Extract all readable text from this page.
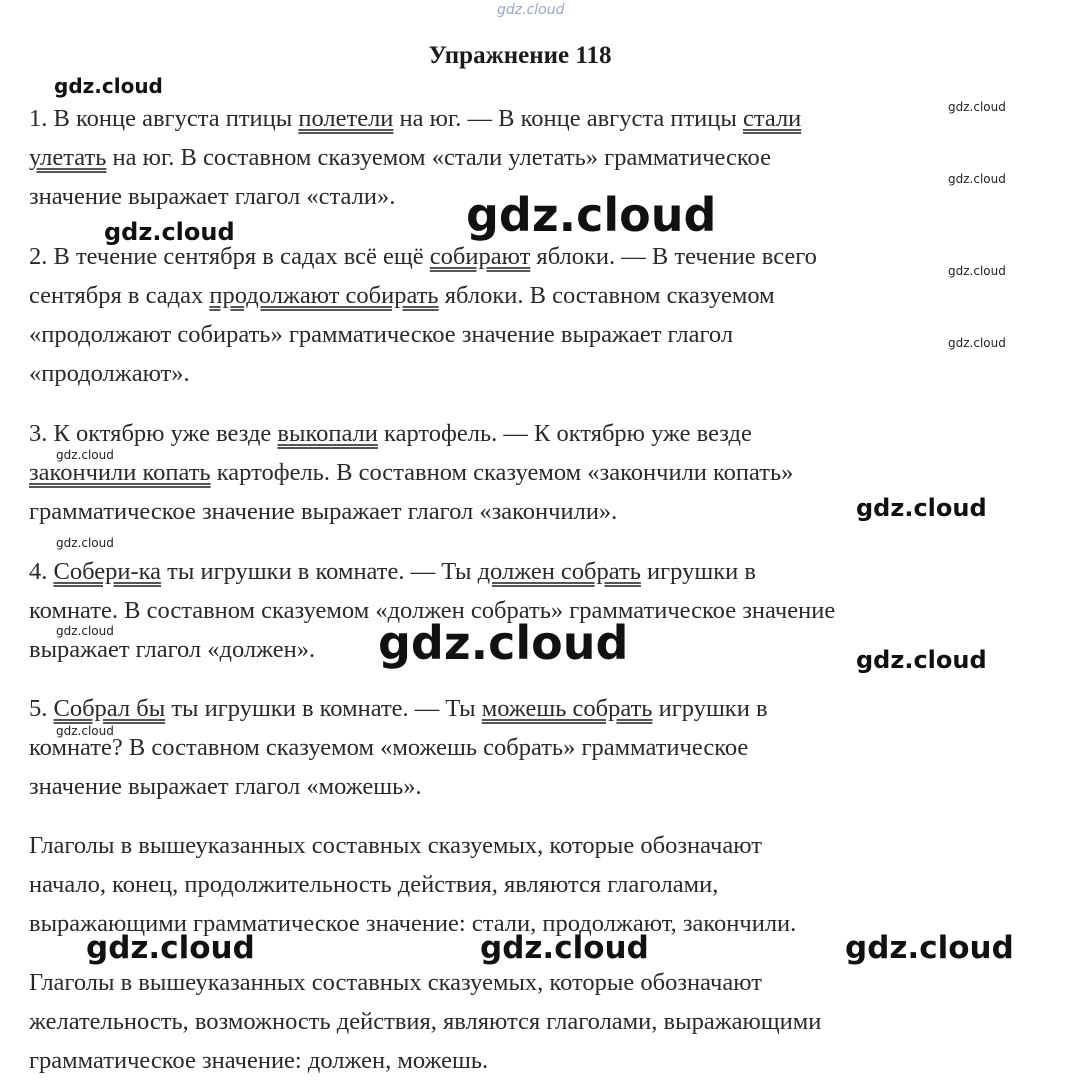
Упражнение 118
1. В конце августа птицы полетели на юг. — В конце августа птицы стали
улетать на юг. В составном сказуемом «стали улетать» грамматическое
значение выражает глагол «стали».
2. В течение сентября в садах всё ещё собирают яблоки. — В течение всего
сентября в садах продолжают собирать яблоки. В составном сказуемом
«продолжают собирать» грамматическое значение выражает глагол
«продолжают».
3. К октябрю уже везде выкопали картофель. — К октябрю уже везде
закончили копать картофель. В составном сказуемом «закончили копать»
грамматическое значение выражает глагол «закончили».
4. Собери-ка ты игрушки в комнате. — Ты должен собрать игрушки в
комнате. В составном сказуемом «должен собрать» грамматическое значение
выражает глагол «должен».
5. Собрал бы ты игрушки в комнате. — Ты можешь собрать игрушки в
комнате? В составном сказуемом «можешь собрать» грамматическое
значение выражает глагол «можешь».
Глаголы в вышеуказанных составных сказуемых, которые обозначают
начало, конец, продолжительность действия, являются глаголами,
выражающими грамматическое значение: стали, продолжают, закончили.
Глаголы в вышеуказанных составных сказуемых, которые обозначают
желательность, возможность действия, являются глаголами, выражающими
грамматическое значение: должен, можешь.
gdz.cloud
gdz.cloud
gdz.cloud
gdz.cloud
gdz.cloud
gdz.cloud
gdz.cloud
gdz.cloud
gdz.cloud
gdz.cloud
gdz.cloud
gdz.cloud	gdz.cloud	gdz.cloud
gdz.cloud
gdz.cloud	gdz.cloud	gdz.cloud
